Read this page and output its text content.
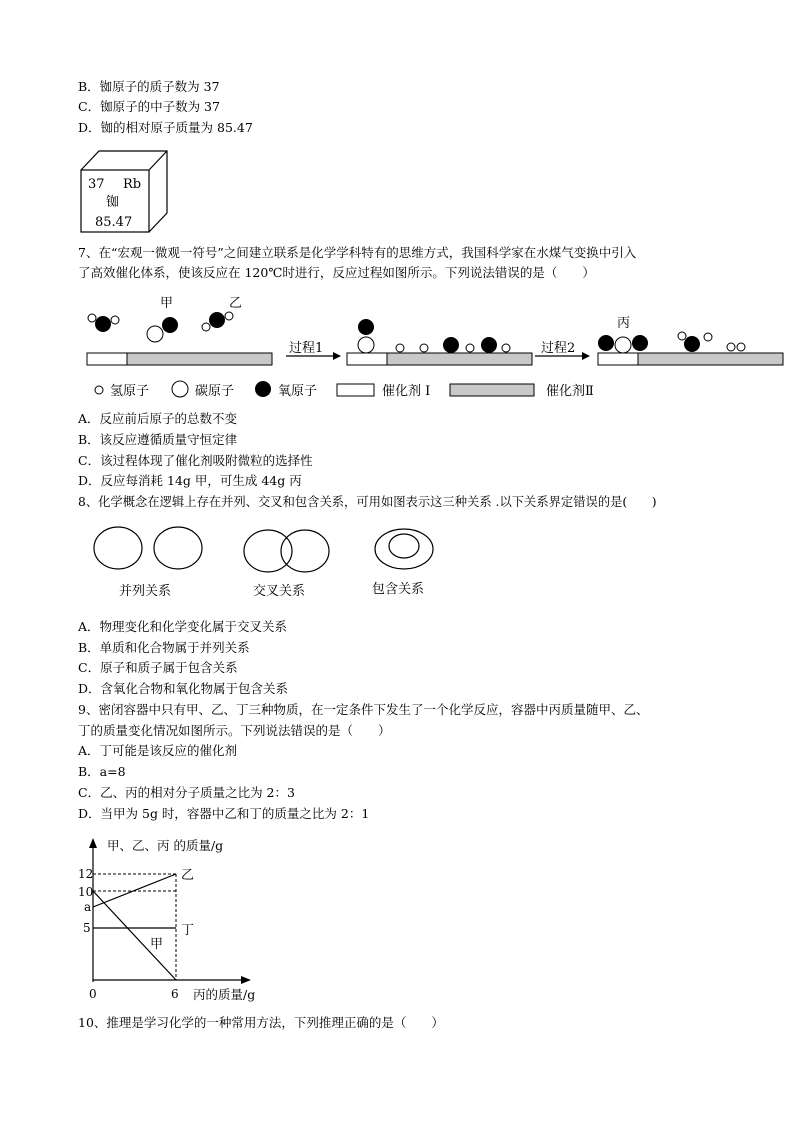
B．铷原子的质子数为 37
C．铷原子的中子数为 37
D．铷的相对原子质量为 85.47
37 Rb
铷
85.47
甲	乙
过程1	过程2
丙
氢原子	碳原子	氧原子	催化剂 I	催化剂Ⅱ
并列关系	交叉关系	包含关系
12
10
a
5
0	6
甲、乙、丙 的质量/g
丙的质量/g
乙
丁
甲
7、在“宏观一微观一符号”之间建立联系是化学学科特有的思维方式，我国科学家在水煤气变换中引入
了高效催化体系，使该反应在 120℃时进行，反应过程如图所示。下列说法错误的是（　　）
A．反应前后原子的总数不变
B．该反应遵循质量守恒定律
C．该过程体现了催化剂吸附微粒的选择性
D．反应每消耗 14g 甲，可生成 44g 丙
8、化学概念在逻辑上存在并列、交叉和包含关系，可用如图表示这三种关系 .以下关系界定错误的是(　　)
A．物理变化和化学变化属于交叉关系
B．单质和化合物属于并列关系
C．原子和质子属于包含关系
D．含氧化合物和氧化物属于包含关系
9、密闭容器中只有甲、乙、丁三种物质，在一定条件下发生了一个化学反应，容器中丙质量随甲、乙、
丁的质量变化情况如图所示。下列说法错误的是（　　）
A．丁可能是该反应的催化剂
B．a=8
C．乙、丙的相对分子质量之比为 2：3
D．当甲为 5g 时，容器中乙和丁的质量之比为 2：1
10、推理是学习化学的一种常用方法，下列推理正确的是（　　）
